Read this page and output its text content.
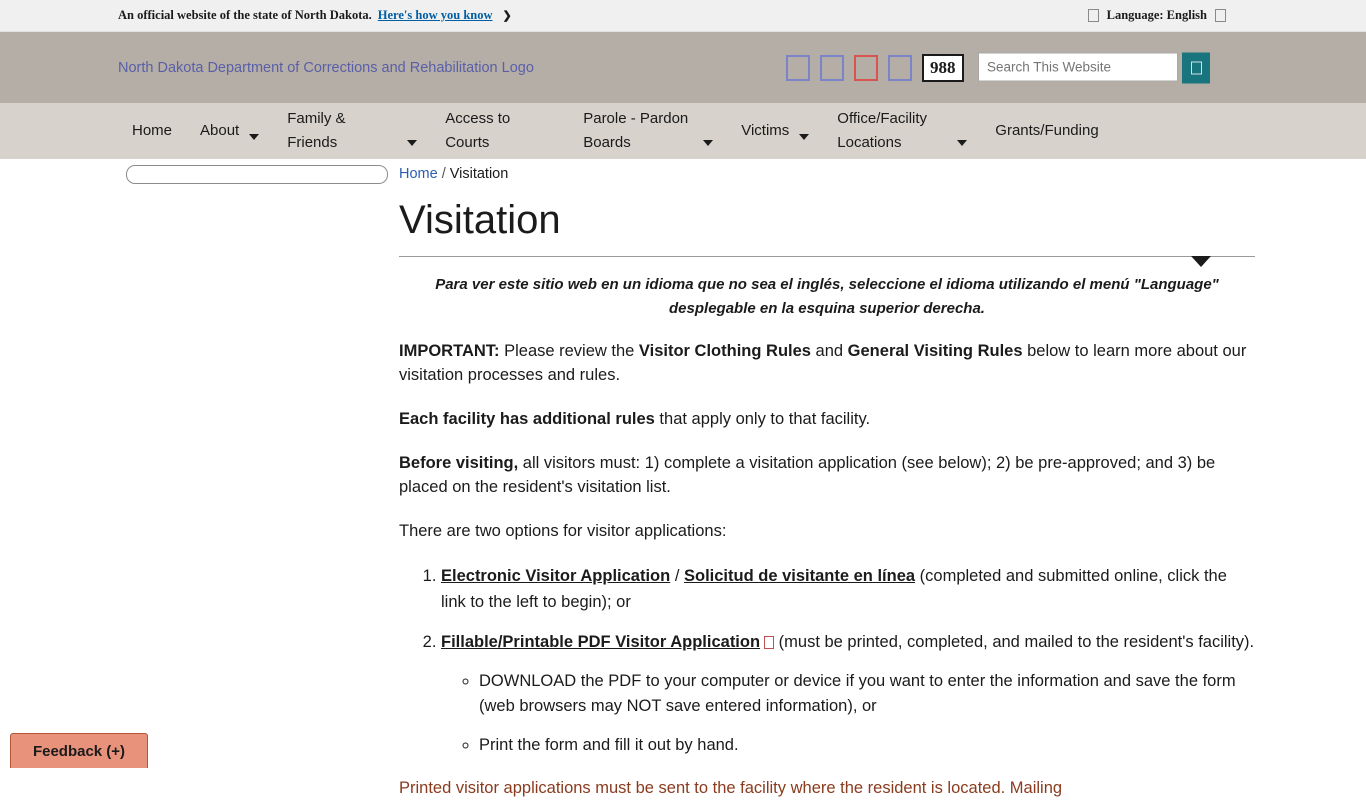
An official website of the state of North Dakota. Here's how you know ❯	Language: English
North Dakota Department of Corrections and Rehabilitation Logo	988
Search This Website
Home About
Family & Friends
Access to Courts
Parole - Pardon Boards
Victims
Office/Facility Locations
Grants/Funding
Home / Visitation
Visitation

Para ver este sitio web en un idioma que no sea el inglés, seleccione el idioma utilizando el menú "Language" desplegable en la esquina superior derecha.

IMPORTANT: Please review the Visitor Clothing Rules and General Visiting Rules below to learn more about our visitation processes and rules.

Each facility has additional rules that apply only to that facility.

Before visiting, all visitors must: 1) complete a visitation application (see below); 2) be pre-approved; and 3) be placed on the resident's visitation list.

There are two options for visitor applications:

1. Electronic Visitor Application / Solicitud de visitante en línea (completed and submitted online, click the link to the left to begin); or
2. Fillable/Printable PDF Visitor Application (must be printed, completed, and mailed to the resident's facility).
◦ DOWNLOAD the PDF to your computer or device if you want to enter the information and save the form (web browsers may NOT save entered information), or
◦ Print the form and fill it out by hand.

Printed visitor applications must be sent to the facility where the resident is located. Mailing

Feedback (+)
